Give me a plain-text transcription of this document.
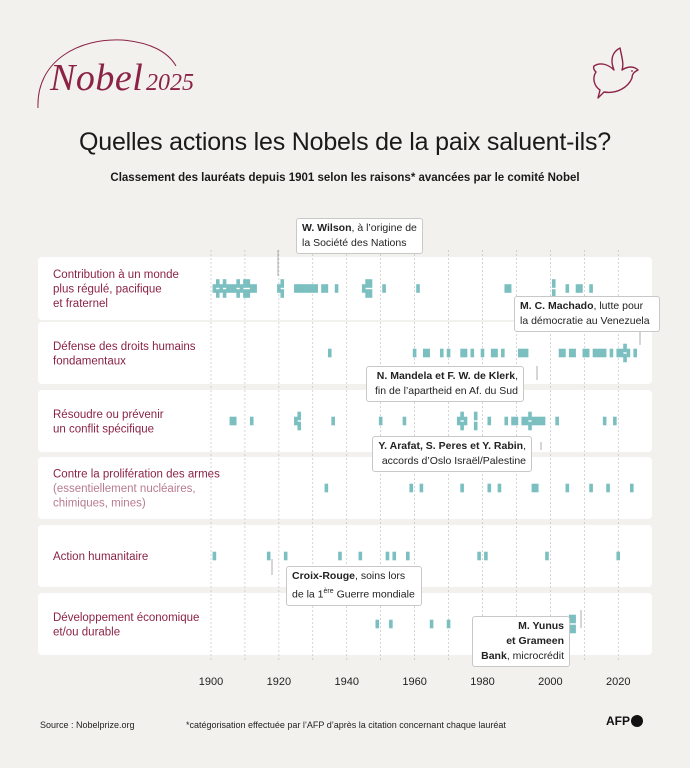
Nobel 2025
Quelles actions les Nobels de la paix saluent-ils?
Classement des lauréats depuis 1901 selon les raisons* avancées par le comité Nobel
Contribution à un monde
plus régulé, pacifique
et fraternel
Défense des droits humains
fondamentaux
Résoudre ou prévenir
un conflit spécifique
Contre la prolifération des armes
(essentiellement nucléaires,
chimiques, mines)
Action humanitaire
Développement économique
et/ou durable
1900	1920	1940	1960	1980	2000	2020
W. Wilson, à l’origine de
la Société des Nations
M. C. Machado, lutte pour
la démocratie au Venezuela
N. Mandela et F. W. de Klerk,
fin de l’apartheid en Af. du Sud
Y. Arafat, S. Peres et Y. Rabin,
accords d’Oslo Israël/Palestine
Croix-Rouge, soins lors
de la 1ère Guerre mondiale
M. Yunus
et Grameen Bank, microcrédit
Source : Nobelprize.org	*catégorisation effectuée par l’AFP d’après la citation concernant chaque lauréat	AFP
